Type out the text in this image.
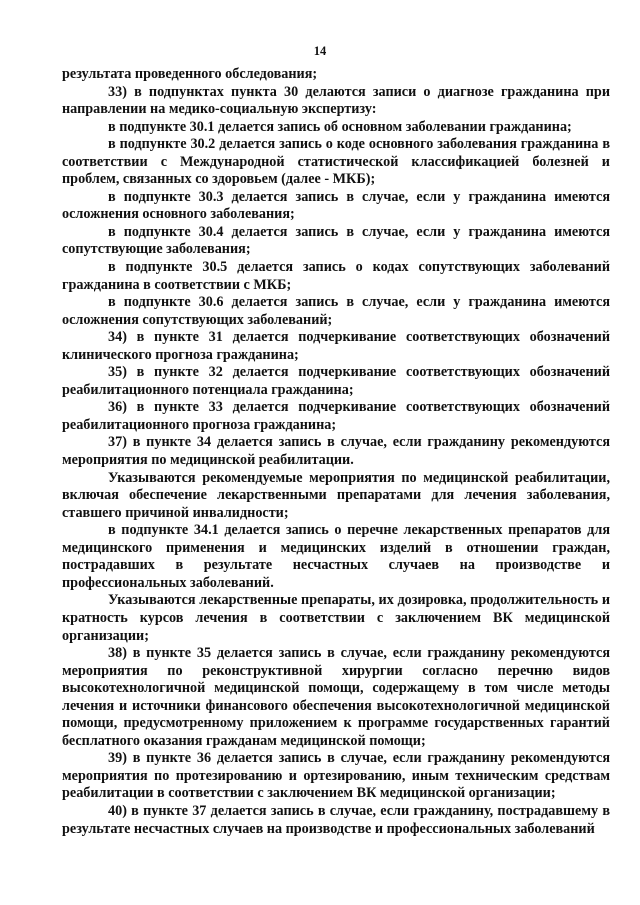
14

результата проведенного обследования;

33) в подпунктах пункта 30 делаются записи о диагнозе гражданина при направлении на медико-социальную экспертизу:

в подпункте 30.1 делается запись об основном заболевании гражданина;

в подпункте 30.2 делается запись о коде основного заболевания гражданина в соответствии с Международной статистической классификацией болезней и проблем, связанных со здоровьем (далее - МКБ);

в подпункте 30.3 делается запись в случае, если у гражданина имеются осложнения основного заболевания;

в подпункте 30.4 делается запись в случае, если у гражданина имеются сопутствующие заболевания;

в подпункте 30.5 делается запись о кодах сопутствующих заболеваний гражданина в соответствии с МКБ;

в подпункте 30.6 делается запись в случае, если у гражданина имеются осложнения сопутствующих заболеваний;

34) в пункте 31 делается подчеркивание соответствующих обозначений клинического прогноза гражданина;

35) в пункте 32 делается подчеркивание соответствующих обозначений реабилитационного потенциала гражданина;

36) в пункте 33 делается подчеркивание соответствующих обозначений реабилитационного прогноза гражданина;

37) в пункте 34 делается запись в случае, если гражданину рекомендуются мероприятия по медицинской реабилитации.

Указываются рекомендуемые мероприятия по медицинской реабилитации, включая обеспечение лекарственными препаратами для лечения заболевания, ставшего причиной инвалидности;

в подпункте 34.1 делается запись о перечне лекарственных препаратов для медицинского применения и медицинских изделий в отношении граждан, пострадавших в результате несчастных случаев на производстве и профессиональных заболеваний.

Указываются лекарственные препараты, их дозировка, продолжительность и кратность курсов лечения в соответствии с заключением ВК медицинской организации;

38) в пункте 35 делается запись в случае, если гражданину рекомендуются мероприятия по реконструктивной хирургии согласно перечню видов высокотехнологичной медицинской помощи, содержащему в том числе методы лечения и источники финансового обеспечения высокотехнологичной медицинской помощи, предусмотренному приложением к программе государственных гарантий бесплатного оказания гражданам медицинской помощи;

39) в пункте 36 делается запись в случае, если гражданину рекомендуются мероприятия по протезированию и ортезированию, иным техническим средствам реабилитации в соответствии с заключением ВК медицинской организации;

40) в пункте 37 делается запись в случае, если гражданину, пострадавшему в результате несчастных случаев на производстве и профессиональных заболеваний
